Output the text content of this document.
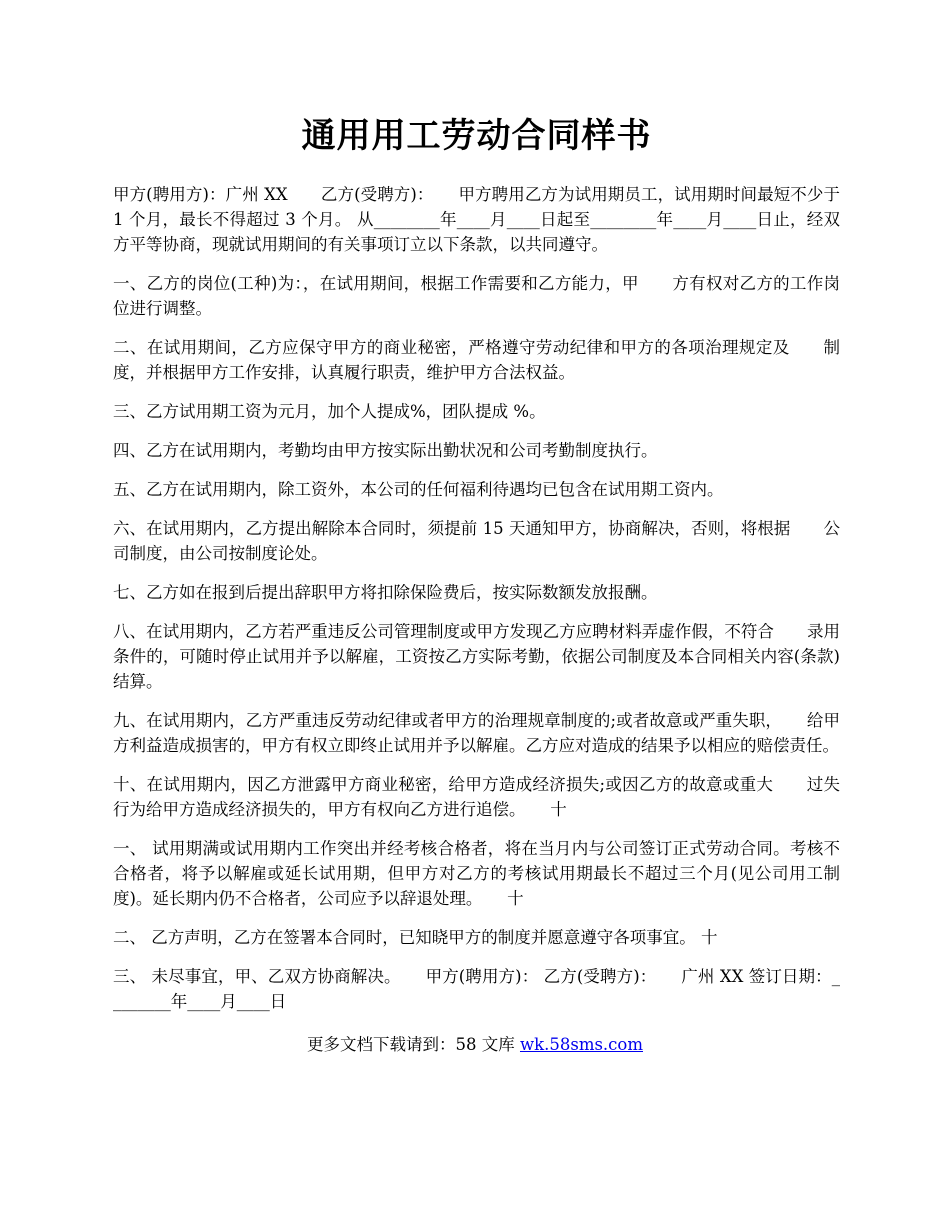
通用用工劳动合同样书

甲方(聘用方)：广州 XX　　乙方(受聘方)：　　甲方聘用乙方为试用期员工，试用期时间最短不少于 1 个月，最长不得超过 3 个月。 从________年____月____日起至________年____月____日止，经双方平等协商，现就试用期间的有关事项订立以下条款，以共同遵守。

一、乙方的岗位(工种)为：，在试用期间，根据工作需要和乙方能力，甲　　方有权对乙方的工作岗位进行调整。

二、在试用期间，乙方应保守甲方的商业秘密，严格遵守劳动纪律和甲方的各项治理规定及　　制度，并根据甲方工作安排，认真履行职责，维护甲方合法权益。

三、乙方试用期工资为元月，加个人提成%，团队提成 %。

四、乙方在试用期内，考勤均由甲方按实际出勤状况和公司考勤制度执行。

五、乙方在试用期内，除工资外，本公司的任何福利待遇均已包含在试用期工资内。

六、在试用期内，乙方提出解除本合同时，须提前 15 天通知甲方，协商解决，否则，将根据　　公司制度，由公司按制度论处。

七、乙方如在报到后提出辞职甲方将扣除保险费后，按实际数额发放报酬。

八、在试用期内，乙方若严重违反公司管理制度或甲方发现乙方应聘材料弄虚作假，不符合　　录用条件的，可随时停止试用并予以解雇，工资按乙方实际考勤，依据公司制度及本合同相关内容(条款)结算。

九、在试用期内，乙方严重违反劳动纪律或者甲方的治理规章制度的;或者故意或严重失职，　　给甲方利益造成损害的，甲方有权立即终止试用并予以解雇。乙方应对造成的结果予以相应的赔偿责任。

十、在试用期内，因乙方泄露甲方商业秘密，给甲方造成经济损失;或因乙方的故意或重大　　过失行为给甲方造成经济损失的，甲方有权向乙方进行追偿。　　十

一、 试用期满或试用期内工作突出并经考核合格者，将在当月内与公司签订正式劳动合同。考核不合格者，将予以解雇或延长试用期，但甲方对乙方的考核试用期最长不超过三个月(见公司用工制度)。延长期内仍不合格者，公司应予以辞退处理。　　十

二、 乙方声明，乙方在签署本合同时，已知晓甲方的制度并愿意遵守各项事宜。 十

三、 未尽事宜，甲、乙双方协商解决。　　甲方(聘用方)： 乙方(受聘方)：　　广州 XX 签订日期：________年____月____日

更多文档下载请到：58 文库 wk.58sms.com
